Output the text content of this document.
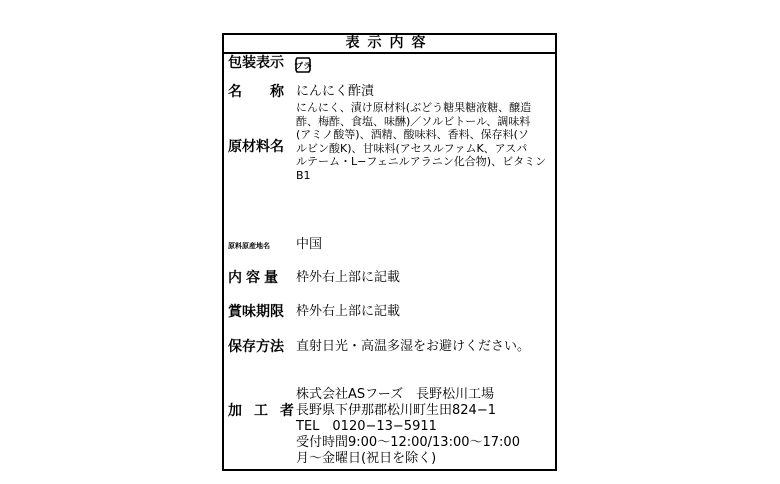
表示内容
包装表示 プラ
名　　称 にんにく酢漬
原材料名
にんにく、漬け原材料(ぶどう糖果糖液糖、醸造
酢、梅酢、食塩、味醂)／ソルビトール、調味料
(アミノ酸等)、酒精、酸味料、香料、保存料(ソ
ルビン酸K)、甘味料(アセスルファムK、アスパ
ルテーム・L−フェニルアラニン化合物)、ビタミン
B1
原料原産地名 中国
内容量 枠外右上部に記載
賞味期限 枠外右上部に記載
保存方法 直射日光・高温多湿をお避けください。
加工者
株式会社ASフーズ　長野松川工場
長野県下伊那郡松川町生田824−1
TEL　0120−13−5911
受付時間9:00〜12:00/13:00〜17:00
月〜金曜日(祝日を除く)
